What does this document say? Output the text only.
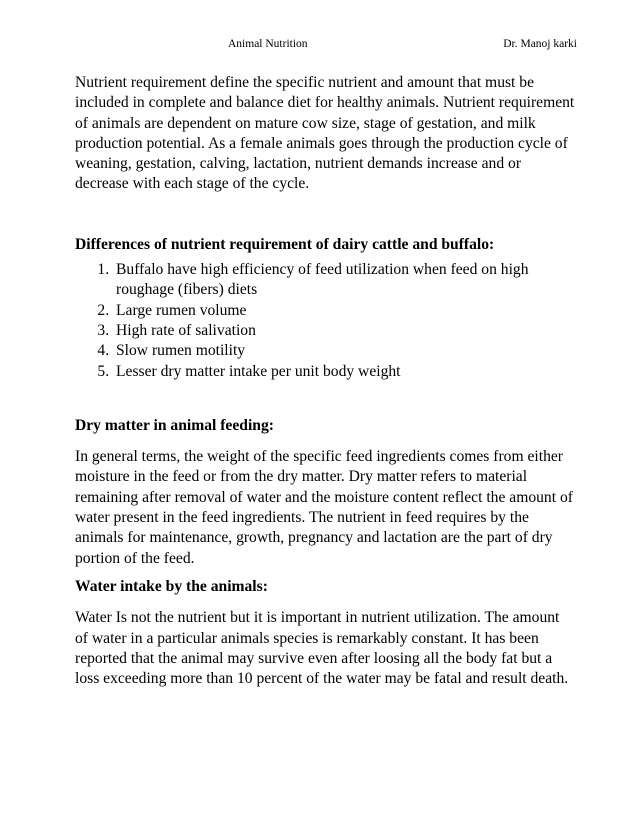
Animal Nutrition	Dr. Manoj karki

Nutrient requirement define the specific nutrient and amount that must be included in complete and balance diet for healthy animals. Nutrient requirement of animals are dependent on mature cow size, stage of gestation, and milk production potential. As a female animals goes through the production cycle of weaning, gestation, calving, lactation, nutrient demands increase and or decrease with each stage of the cycle.

Differences of nutrient requirement of dairy cattle and buffalo:

1. Buffalo have high efficiency of feed utilization when feed on high roughage (fibers) diets
2. Large rumen volume
3. High rate of salivation
4. Slow rumen motility
5. Lesser dry matter intake per unit body weight

Dry matter in animal feeding:

In general terms, the weight of the specific feed ingredients comes from either moisture in the feed or from the dry matter. Dry matter refers to material remaining after removal of water and the moisture content reflect the amount of water present in the feed ingredients. The nutrient in feed requires by the animals for maintenance, growth, pregnancy and lactation are the part of dry portion of the feed.

Water intake by the animals:

Water Is not the nutrient but it is important in nutrient utilization. The amount of water in a particular animals species is remarkably constant. It has been reported that the animal may survive even after loosing all the body fat but a loss exceeding more than 10 percent of the water may be fatal and result death.
